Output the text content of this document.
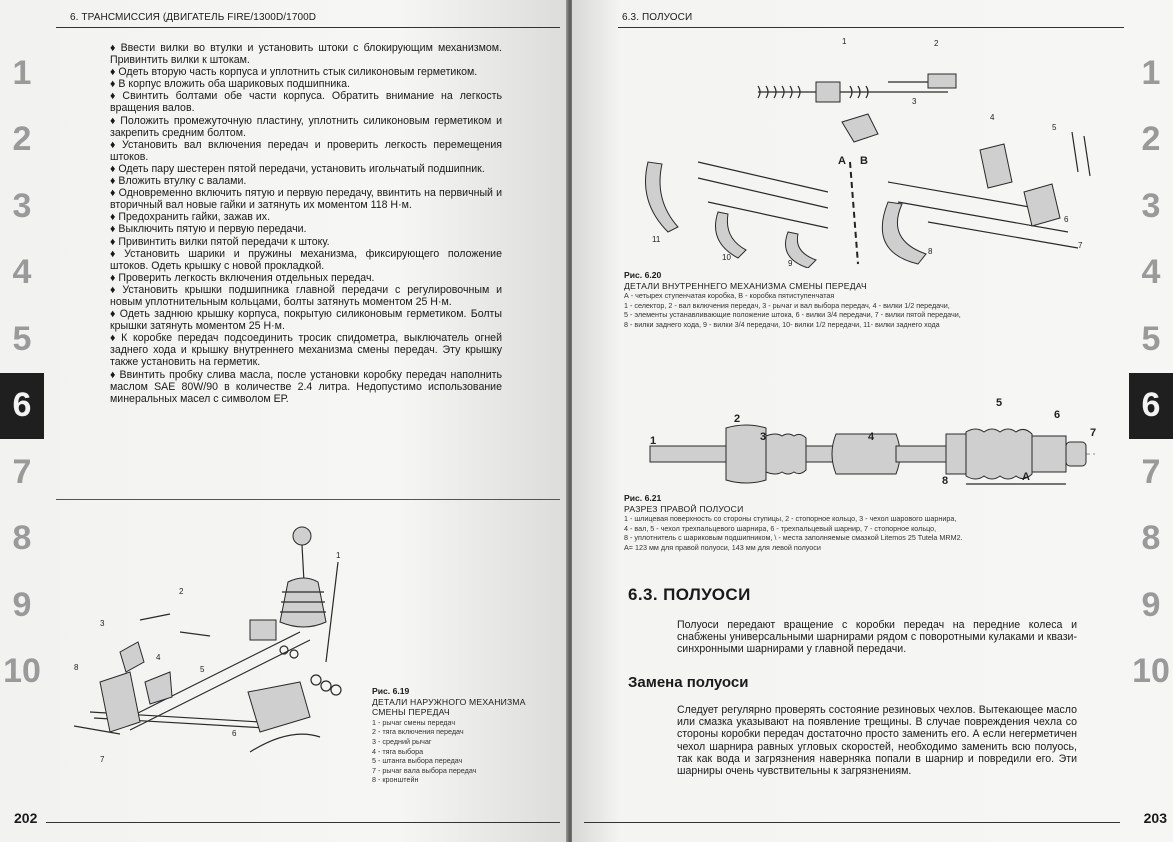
6. ТРАНСМИССИЯ (ДВИГАТЕЛЬ FIRE/1300D/1700D
1
2
3
4
5
6
7
8
9
10

♦ Ввести вилки во втулки и установить штоки с блокирующим механизмом. Привинтить вилки к штокам.

♦ Одеть вторую часть корпуса и уплотнить стык силиконовым герметиком.

♦ В корпус вложить оба шариковых подшипника.

♦ Свинтить болтами обе части корпуса. Обратить внимание на легкость вращения валов.

♦ Положить промежуточную пластину, уплотнить силиконовым герметиком и закрепить средним болтом.

♦ Установить вал включения передач и проверить легкость перемещения штоков.

♦ Одеть пару шестерен пятой передачи, установить игольчатый подшипник.

♦ Вложить втулку с валами.

♦ Одновременно включить пятую и первую передачу, ввинтить на первичный и вторичный вал новые гайки и затянуть их моментом 118 Н·м.

♦ Предохранить гайки, зажав их.

♦ Выключить пятую и первую передачи.

♦ Привинтить вилки пятой передачи к штоку.

♦ Установить шарики и пружины механизма, фиксирующего положение штоков. Одеть крышку с новой прокладкой.

♦ Проверить легкость включения отдельных передач.

♦ Установить крышки подшипника главной передачи с регулировочным и новым уплотнительным кольцами, болты затянуть моментом 25 Н·м.

♦ Одеть заднюю крышку корпуса, покрытую силиконовым герметиком. Болты крышки затянуть моментом 25 Н·м.

♦ К коробке передач подсоединить тросик спидометра, выключатель огней заднего хода и крышку внутреннего механизма смены передач. Эту крышку также установить на герметик.

♦ Ввинтить пробку слива масла, после установки коробку передач наполнить маслом SAE 80W/90 в количестве 2.4 литра. Недопустимо использование минеральных масел с символом ЕР.

2
1
3
4
5
6
7
8
Рис. 6.19
ДЕТАЛИ НАРУЖНОГО МЕХАНИЗМА
СМЕНЫ ПЕРЕДАЧ
1 - рычаг смены передач
2 - тяга включения передач
3 - средний рычаг
4 - тяга выбора
5 - штанга выбора передач
7 - рычаг вала выбора передач
8 - кронштейн
202
6.3. ПОЛУОСИ
1
2
3
4
5
6
7
8
9
10
1	2
3
4
5
6
7
8
9
10
11
A B
Рис. 6.20
ДЕТАЛИ ВНУТРЕННЕГО МЕХАНИЗМА СМЕНЫ ПЕРЕДАЧ
А - четырех ступенчатая коробка, В - коробка пятиступенчатая
1 - селектор, 2 - вал включения передач, 3 - рычаг и вал выбора передач, 4 - вилки 1/2 передачи,
5 - элементы устанавливающие положение штока, 6 - вилки 3/4 передачи, 7 - вилки пятой передачи,
8 - вилки заднего хода, 9 - вилки 3/4 передачи, 10- вилки 1/2 передачи, 11- вилки заднего хода
1
2
3	4
5
6
7
8	A
Рис. 6.21
РАЗРЕЗ ПРАВОЙ ПОЛУОСИ
1 - шлицевая поверхность со стороны ступицы, 2 - стопорное кольцо, 3 - чехол шарового шарнира,
4 - вал, 5 - чехол трехпальцевого шарнира, 6 - трехпальцевый шарнир, 7 - стопорное кольцо,
8 - уплотнитель с шариковым подшипником, \ - места заполняемые смазкой Litemos 25 Tutela MRM2.
A= 123 мм для правой полуоси, 143 мм для левой полуоси
6.3. ПОЛУОСИ

Полуоси передают вращение с коробки передач на передние колеса и снабжены универсальными шарнирами рядом с поворотными кулаками и квази-синхронными шарнирами у главной передачи.

Замена полуоси

Следует регулярно проверять состояние резиновых чехлов. Вытекающее масло или смазка указывают на появление трещины. В случае повреждения чехла со стороны коробки передач достаточно просто заменить его. А если негерметичен чехол шарнира равных угловых скоростей, необходимо заменить всю полуось, так как вода и загрязнения наверняка попали в шарнир и повредили его. Эти шарниры очень чувствительны к загрязнениям.

203
